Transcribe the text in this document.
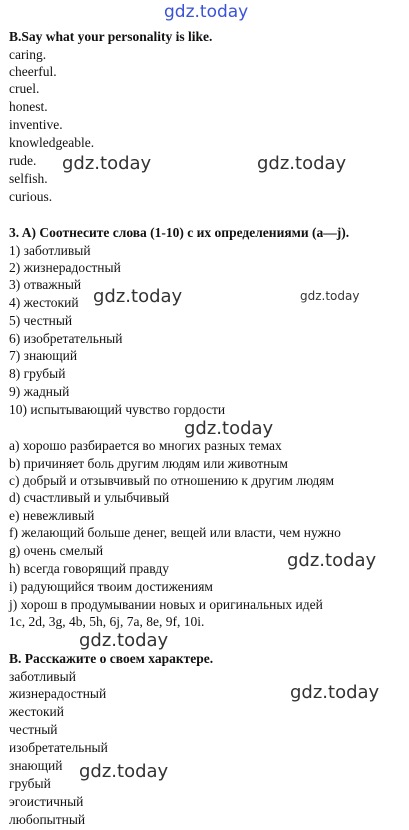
gdz.today
gdz.today	gdz.today
gdz.today	gdz.today
gdz.today
gdz.today
gdz.today
gdz.today
gdz.today
B.Say what your personality is like.
caring.
cheerful.
cruel.
honest.
inventive.
knowledgeable.
rude.
selfish.
curious.
3. A) Соотнесите слова (1-10) с их определениями (a—j).
1) заботливый
2) жизнерадостный
3) отважный
4) жестокий
5) честный
6) изобретательный
7) знающий
8) грубый
9) жадный
10) испытывающий чувство гордости
a) хорошо разбирается во многих разных темах
b) причиняет боль другим людям или животным
c) добрый и отзывчивый по отношению к другим людям
d) счастливый и улыбчивый
e) невежливый
f) желающий больше денег, вещей или власти, чем нужно
g) очень смелый
h) всегда говорящий правду
i) радующийся твоим достижениям
j) хорош в продумывании новых и оригинальных идей
1c, 2d, 3g, 4b, 5h, 6j, 7a, 8e, 9f, 10i.
B. Расскажите о своем характере.
заботливый
жизнерадостный
жестокий
честный
изобретательный
знающий
грубый
эгоистичный
любопытный
